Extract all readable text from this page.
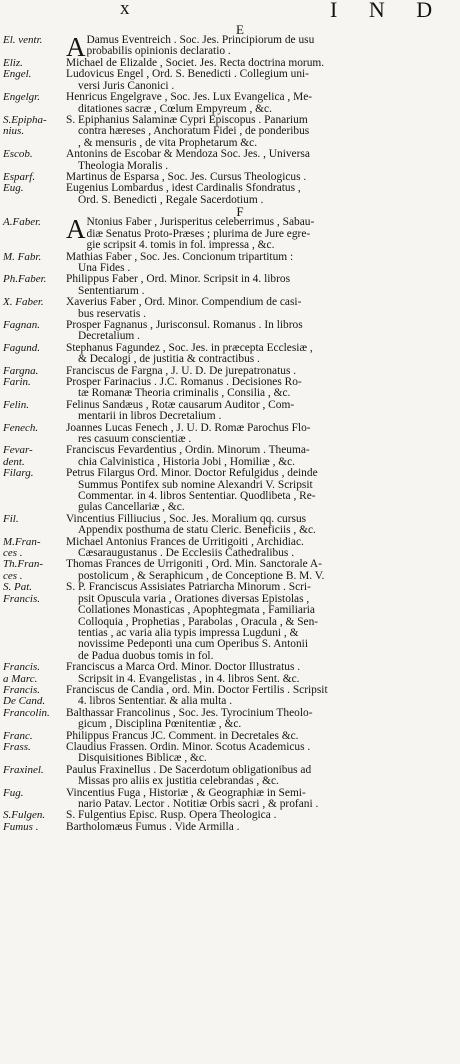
x	I N D
E
El. ventr. A Damus Eventreich . Soc. Jes. Principiorum de usu
probabilis opinionis declaratio .
Eliz.	Michael de Elizalde , Societ. Jes. Recta doctrina morum.
Engel.	Ludovicus Engel , Ord. S. Benedicti . Collegium uni-
versi Juris Canonici .
Engelgr.	Henricus Engelgrave , Soc. Jes. Lux Evangelica , Me-
ditationes sacræ , Cœlum Empyreum , &c.
S.Epipha-
nius.
S. Epiphanius Salaminæ Cypri Episcopus . Panarium
contra hæreses , Anchoratum Fidei , de ponderibus
, & mensuris , de vita Prophetarum &c.
Escob.	Antonins de Escobar & Mendoza Soc. Jes. , Universa
Theologia Moralis .
Esparf.	Martinus de Esparsa , Soc. Jes. Cursus Theologicus .
Eug.	Eugenius Lombardus , idest Cardinalis Sfondratus ,
Ord. S. Benedicti , Regale Sacerdotium .
F
A.Faber. A Ntonius Faber , Jurisperitus celeberrimus , Sabau-
diæ Senatus Proto-Præses ; plurima de Jure egre-
gie scripsit 4. tomis in fol. impressa , &c.
M. Fabr.	Mathias Faber , Soc. Jes. Concionum tripartitum :
Una Fides .
Ph.Faber.	Philippus Faber , Ord. Minor. Scripsit in 4. libros
Sententiarum .
X. Faber.	Xaverius Faber , Ord. Minor. Compendium de casi-
bus reservatis .
Fagnan.	Prosper Fagnanus , Jurisconsul. Romanus . In libros
Decretalium .
Fagund.	Stephanus Fagundez , Soc. Jes. in præcepta Ecclesiæ ,
& Decalogi , de justitia & contractibus .
Fargna.	Franciscus de Fargna , J. U. D. De jurepatronatus .
Farin.	Prosper Farinacius . J.C. Romanus . Decisiones Ro-
tæ Romanæ Theoria criminalis , Consilia , &c.
Felin.	Felinus Sandæus , Rotæ causarum Auditor , Com-
mentarii in libros Decretalium .
Fenech.	Joannes Lucas Fenech , J. U. D. Romæ Parochus Flo-
res casuum conscientiæ .
Fevar-
dent.
Franciscus Fevardentius , Ordin. Minorum . Theuma-
chia Calvinistica , Historia Jobi , Homiliæ , &c.
Filarg.	Petrus Filargus Ord. Minor. Doctor Refulgidus , deinde
Summus Pontifex sub nomine Alexandri V. Scripsit
Commentar. in 4. libros Sententiar. Quodlibeta , Re-
gulas Cancellariæ , &c.
Fil.	Vincentius Filliucius , Soc. Jes. Moralium qq. cursus
Appendix posthuma de statu Cleric. Beneficiis , &c.
M.Fran-
ces .
Michael Antonius Frances de Urritigoiti , Archidiac.
Cæsaraugustanus . De Ecclesiis Cathedralibus .
Th.Fran-
ces .
Thomas Frances de Urrigoniti , Ord. Min. Sanctorale A-
postolicum , & Seraphicum , de Conceptione B. M. V.
S. Pat.
Francis.
S. P. Franciscus Assisiates Patriarcha Minorum . Scri-
psit Opuscula varia , Orationes diversas Epistolas ,
Collationes Monasticas , Apophtegmata , Familiaria
Colloquia , Prophetias , Parabolas , Oracula , & Sen-
tentias , ac varia alia typis impressa Lugduni , &
novissime Pedeponti una cum Operibus S. Antonii
de Padua duobus tomis in fol.
Francis.
a Marc.
Franciscus a Marca Ord. Minor. Doctor Illustratus .
Scripsit in 4. Evangelistas , in 4. libros Sent. &c.
Francis.
De Cand.
Franciscus de Candia , ord. Min. Doctor Fertilis . Scripsit
4. libros Sententiar. & alia multa .
Francolin.	Balthassar Francolinus , Soc. Jes. Tyrocinium Theolo-
gicum , Disciplina Pœnitentiæ , &c.
Franc.	Philippus Francus JC. Comment. in Decretales &c.
Frass.	Claudius Frassen. Ordin. Minor. Scotus Academicus .
Disquisitiones Biblicæ , &c.
Fraxinel.	Paulus Fraxinellus . De Sacerdotum obligationibus ad
Missas pro aliis ex justitia celebrandas , &c.
Fug.	Vincentius Fuga , Historiæ , & Geographiæ in Semi-
nario Patav. Lector . Notitiæ Orbis sacri , & profani .
S.Fulgen.	S. Fulgentius Episc. Rusp. Opera Theologica .
Fumus .	Bartholomæus Fumus . Vide Armilla .
